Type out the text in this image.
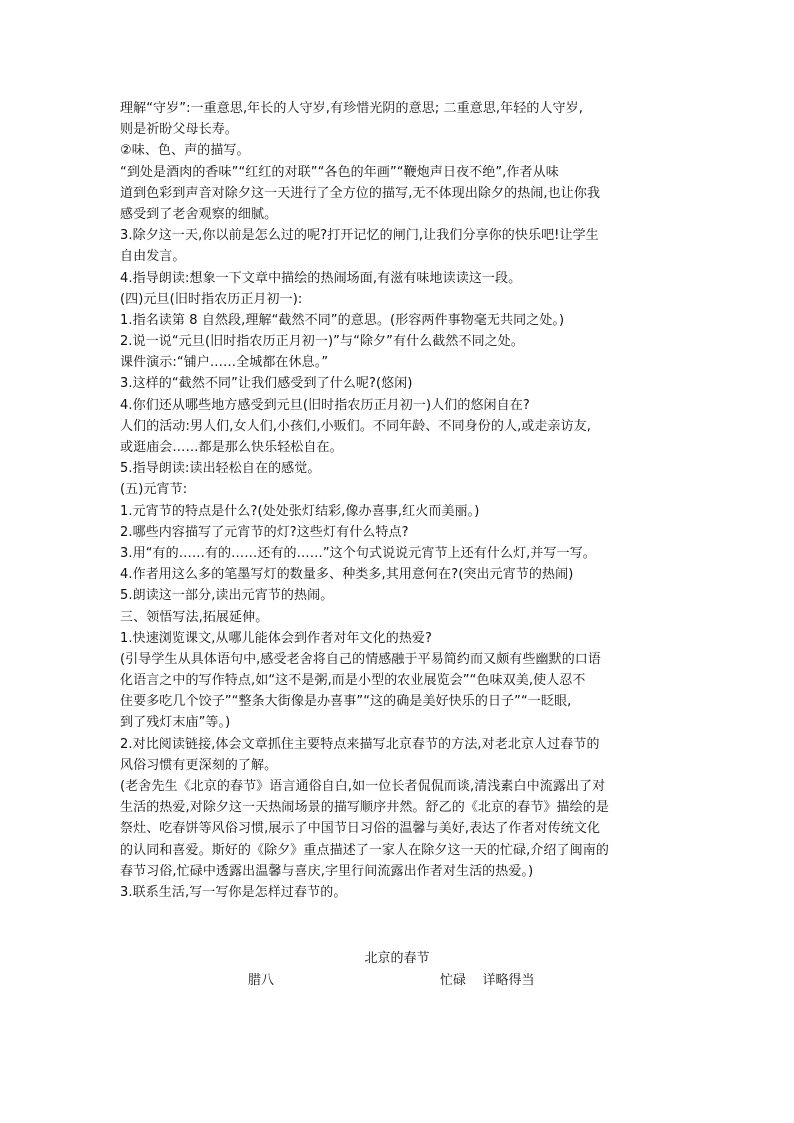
理解“守岁”:一重意思,年长的人守岁,有珍惜光阴的意思; 二重意思,年轻的人守岁,
则是祈盼父母长寿。
②味、色、声的描写。
“到处是酒肉的香味”“红红的对联”“各色的年画”“鞭炮声日夜不绝”,作者从味
道到色彩到声音对除夕这一天进行了全方位的描写,无不体现出除夕的热闹,也让你我
感受到了老舍观察的细腻。
3.除夕这一天,你以前是怎么过的呢?打开记忆的闸门,让我们分享你的快乐吧!让学生
自由发言。
4.指导朗读:想象一下文章中描绘的热闹场面,有滋有味地读读这一段。
(四)元旦(旧时指农历正月初一):
1.指名读第 8 自然段,理解“截然不同”的意思。(形容两件事物毫无共同之处。)
2.说一说“元旦(旧时指农历正月初一)”与“除夕”有什么截然不同之处。
课件演示:“铺户……全城都在休息。”
3.这样的“截然不同”让我们感受到了什么呢?(悠闲)
4.你们还从哪些地方感受到元旦(旧时指农历正月初一)人们的悠闲自在?
人们的活动:男人们,女人们,小孩们,小贩们。不同年龄、不同身份的人,或走亲访友,
或逛庙会……都是那么快乐轻松自在。
5.指导朗读:读出轻松自在的感觉。
(五)元宵节:
1.元宵节的特点是什么?(处处张灯结彩,像办喜事,红火而美丽。)
2.哪些内容描写了元宵节的灯?这些灯有什么特点?
3.用“有的……有的……还有的……”这个句式说说元宵节上还有什么灯,并写一写。
4.作者用这么多的笔墨写灯的数量多、种类多,其用意何在?(突出元宵节的热闹)
5.朗读这一部分,读出元宵节的热闹。
三、领悟写法,拓展延伸。
1.快速浏览课文,从哪儿能体会到作者对年文化的热爱?
(引导学生从具体语句中,感受老舍将自己的情感融于平易简约而又颇有些幽默的口语
化语言之中的写作特点,如“这不是粥,而是小型的农业展览会”“色味双美,使人忍不
住要多吃几个饺子”“整条大街像是办喜事”“这的确是美好快乐的日子”“一眨眼,
到了残灯末庙”等。)
2.对比阅读链接,体会文章抓住主要特点来描写北京春节的方法,对老北京人过春节的
风俗习惯有更深刻的了解。
(老舍先生《北京的春节》语言通俗自白,如一位长者侃侃而谈,清浅素白中流露出了对
生活的热爱,对除夕这一天热闹场景的描写顺序井然。舒乙的《北京的春节》描绘的是
祭灶、吃春饼等风俗习惯,展示了中国节日习俗的温馨与美好,表达了作者对传统文化
的认同和喜爱。斯好的《除夕》重点描述了一家人在除夕这一天的忙碌,介绍了闽南的
春节习俗,忙碌中透露出温馨与喜庆,字里行间流露出作者对生活的热爱。)
3.联系生活,写一写你是怎样过春节的。
北京的春节
腊八	忙碌    详略得当
